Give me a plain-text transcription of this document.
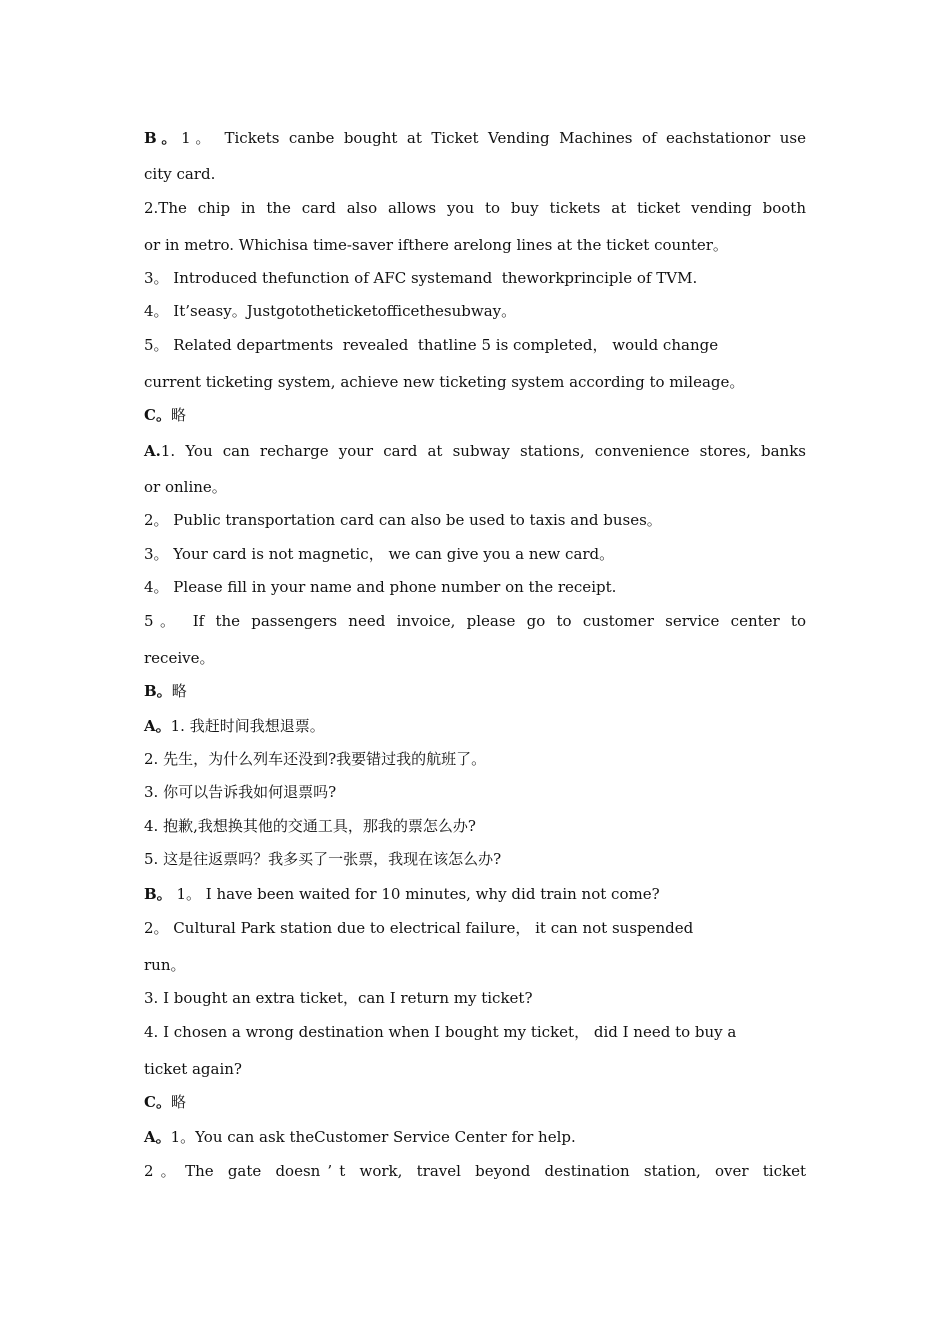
B。1。 Tickets canbe bought at Ticket Vending Machines of eachstationor use
city card.
2.The chip in the card also allows you to buy tickets at ticket vending booth
or in metro. Whichisa time-saver ifthere arelong lines at the ticket counter。
3。 Introduced thefunction of AFC systemand  theworkprinciple of TVM.
4。 It’seasy。Justgototheticketofficethesubway。
5。 Related departments  revealed  thatline 5 is completed， would change
current ticketing system, achieve new ticketing system according to mileage。
C。略
A.1. You can recharge your card at subway stations, convenience stores, banks
or online。
2。 Public transportation card can also be used to taxis and buses。
3。 Your card is not magnetic， we can give you a new card。
4。 Please fill in your name and phone number on the receipt.
5。 If the passengers need invoice, please go to customer service center to
receive。
B。略
A。1. 我赶时间我想退票。
2. 先生，为什么列车还没到?我要错过我的航班了。
3. 你可以告诉我如何退票吗?
4. 抱歉,我想换其他的交通工具，那我的票怎么办?
5. 这是往返票吗？我多买了一张票，我现在该怎么办?
B。 1。 I have been waited for 10 minutes, why did train not come?
2。 Cultural Park station due to electrical failure， it can not suspended
run。
3. I bought an extra ticket，can I return my ticket?
4. I chosen a wrong destination when I bought my ticket， did I need to buy a
ticket again?
C。略
A。1。You can ask theCustomer Service Center for help.
2 。 The  gate  doesn ’ t  work,  travel  beyond  destination  station,  over  ticket
